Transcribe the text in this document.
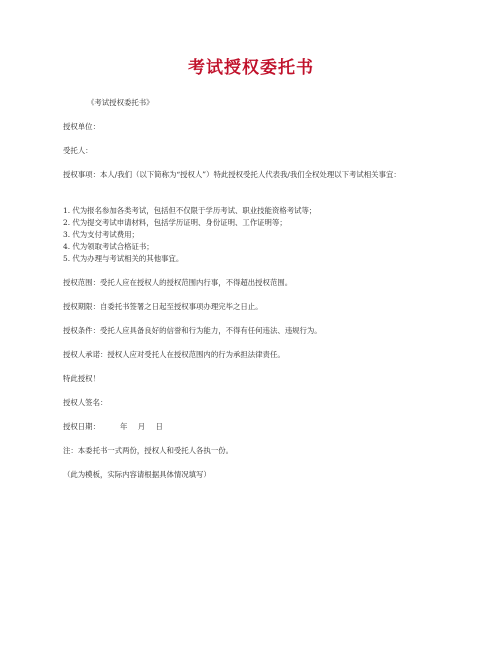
考试授权委托书
《考试授权委托书》
授权单位：
受托人：
授权事项：本人/我们（以下简称为“授权人”）特此授权受托人代表我/我们全权处理以下考试相关事宜：
1. 代为报名参加各类考试，包括但不仅限于学历考试、职业技能资格考试等；
2. 代为提交考试申请材料，包括学历证明、身份证明、工作证明等；
3. 代为支付考试费用；
4. 代为领取考试合格证书；
5. 代为办理与考试相关的其他事宜。
授权范围：受托人应在授权人的授权范围内行事，不得超出授权范围。
授权期限：自委托书签署之日起至授权事项办理完毕之日止。
授权条件：受托人应具备良好的信誉和行为能力，不得有任何违法、违规行为。
授权人承诺：授权人应对受托人在授权范围内的行为承担法律责任。
特此授权！
授权人签名：
授权日期：	年 月 日
注：本委托书一式两份，授权人和受托人各执一份。
（此为模板，实际内容请根据具体情况填写）
